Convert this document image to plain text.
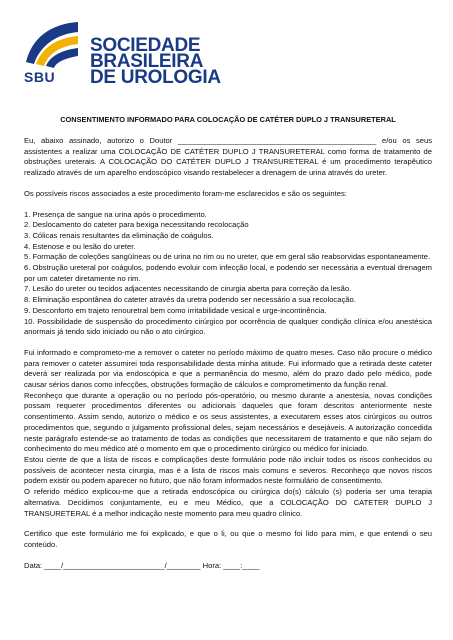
SBU
SOCIEDADE
BRASILEIRA
DE UROLOGIA
CONSENTIMENTO INFORMADO PARA COLOCAÇÃO DE CATÉTER DUPLO J TRANSURETERAL

Eu, abaixo assinado, autorizo o Doutor _______________________________________________ e/ou os seus assistentes a realizar uma COLOCAÇÃO DE CATÉTER DUPLO J TRANSURETERAL como forma de tratamento de obstruções ureterais. A COLOCAÇÃO DO CATÉTER DUPLO J TRANSURETERAL é um procedimento terapêutico realizado através de um aparelho endoscópico visando restabelecer a drenagem de urina através do ureter.

Os possíveis riscos associados a este procedimento foram-me esclarecidos e são os seguintes:

1. Presença de sangue na urina após o procedimento.

2. Deslocamento do cateter para bexiga necessitando recolocação

3. Cólicas renais resultantes da eliminação de coágulos.

4. Estenose e ou lesão do ureter.

5. Formação de coleções sangüíneas ou de urina no rim ou no ureter, que em geral são reabsorvidas espontaneamente.

6. Obstrução ureteral por coágulos, podendo evoluir com infecção local, e podendo ser necessária a eventual drenagem por um cateter diretamente no rim.

7. Lesão do ureter ou tecidos adjacentes necessitando de cirurgia aberta para correção da lesão.

8. Eliminação espontânea do cateter através da uretra podendo ser necessário a sua recolocação.

9. Desconforto em trajeto renouretral bem como irritabilidade vesical e urge-incontinência.

10. Possibilidade de suspensão do procedimento cirúrgico por ocorrência de qualquer condição clínica e/ou anestésica anormais já tendo sido iniciado ou não o ato cirúrgico.

Fui informado e comprometo-me a remover o cateter no período máximo de quatro meses. Caso não procure o médico para remover o cateter assumirei toda responsabilidade desta minha atitude. Fui informado que a retirada deste cateter deverá ser realizada por via endoscópica e que a permanência do mesmo, além do prazo dado pelo médico, pode causar sérios danos como infecções, obstruções formação de cálculos e comprometimento da função renal.

Reconheço que durante a operação ou no período pós-operatório, ou mesmo durante a anestesia, novas condições possam requerer procedimentos diferentes ou adicionais daqueles que foram descritos anteriormente neste consentimento. Assim sendo, autorizo o médico e os seus assistentes, a executarem esses atos cirúrgicos ou outros procedimentos que, segundo o julgamento profissional deles, sejam necessários e desejáveis. A autorização concedida neste parágrafo estende-se ao tratamento de todas as condições que necessitarem de tratamento e que não sejam do conhecimento do meu médico até o momento em que o procedimento cirúrgico ou médico for iniciado.

Estou ciente de que a lista de riscos e complicações deste formulário pode não incluir todos os riscos conhecidos ou possíveis de acontecer nesta cirurgia, mas é a lista de riscos mais comuns e severos. Reconheço que novos riscos podem existir ou podem aparecer no futuro, que não foram informados neste formulário de consentimento.

O referido médico explicou-me que a retirada endoscópica ou cirúrgica do(s) cálculo (s) poderia ser uma terapia alternativa. Decidimos conjuntamente, eu e meu Médico, que a COLOCAÇÃO DO CATETER DUPLO J TRANSURETERAL é a melhor indicação neste momento para meu quadro clínico.

Certifico que este formulário me foi explicado, e que o li, ou que o mesmo foi lido para mim, e que entendi o seu conteúdo.

Data: ____/________________________/________ Hora: ____:____
